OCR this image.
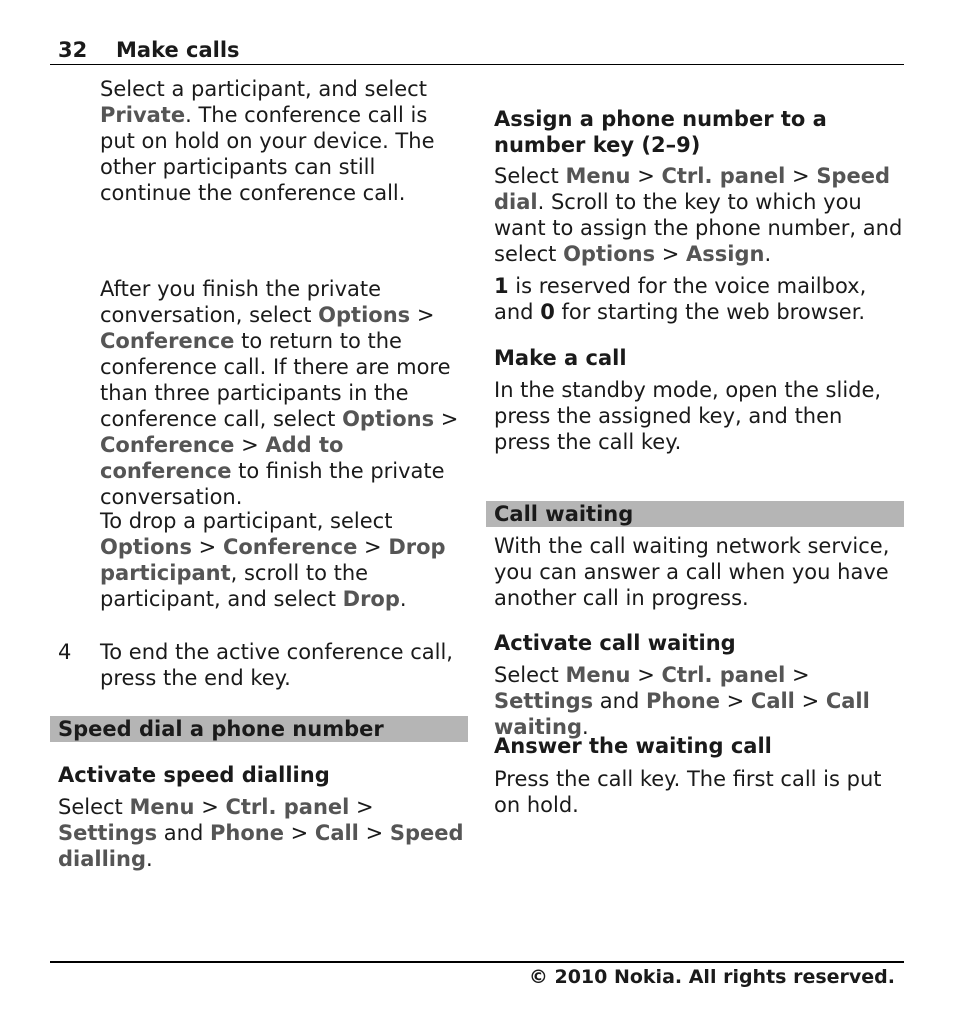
32 Make calls

Select a participant, and select Private. The conference call is put on hold on your device. The other participants can still continue the conference call.

After you finish the private conversation, select Options > Conference to return to the conference call. If there are more than three participants in the conference call, select Options > Conference > Add to conference to finish the private conversation.

To drop a participant, select Options > Conference > Drop participant, scroll to the participant, and select Drop.

4 To end the active conference call, press the end key.

Speed dial a phone number

Activate speed dialling

Select Menu > Ctrl. panel > Settings and Phone > Call > Speed dialling.

Assign a phone number to a number key (2–9)

Select Menu > Ctrl. panel > Speed dial. Scroll to the key to which you want to assign the phone number, and select Options > Assign.

1 is reserved for the voice mailbox, and 0 for starting the web browser.

Make a call

In the standby mode, open the slide, press the assigned key, and then press the call key.

Call waiting

With the call waiting network service, you can answer a call when you have another call in progress.

Activate call waiting

Select Menu > Ctrl. panel > Settings and Phone > Call > Call waiting.

Answer the waiting call

Press the call key. The first call is put on hold.

© 2010 Nokia. All rights reserved.
